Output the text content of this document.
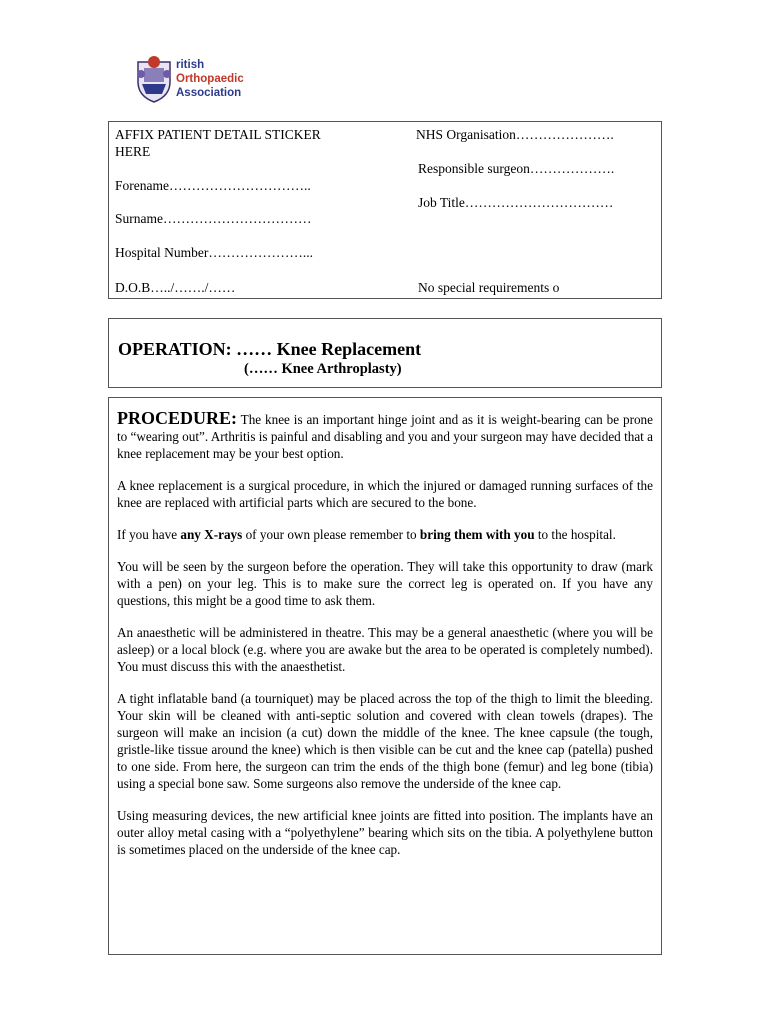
ritish
Orthopaedic
Association
AFFIX PATIENT DETAIL STICKER
HERE
Forename…………………………..
Surname……………………………
Hospital Number…………………...
D.O.B…../……./……
NHS Organisation………………….
Responsible surgeon……………….
Job Title……………………………
No special requirements o
OPERATION: …… Knee Replacement
(…… Knee Arthroplasty)

PROCEDURE: The knee is an important hinge joint and as it is weight-bearing can be prone to “wearing out”. Arthritis is painful and disabling and you and your surgeon may have decided that a knee replacement may be your best option.

A knee replacement is a surgical procedure, in which the injured or damaged running surfaces of the knee are replaced with artificial parts which are secured to the bone.

If you have any X-rays of your own please remember to bring them with you to the hospital.

You will be seen by the surgeon before the operation. They will take this opportunity to draw (mark with a pen) on your leg. This is to make sure the correct leg is operated on. If you have any questions, this might be a good time to ask them.

An anaesthetic will be administered in theatre. This may be a general anaesthetic (where you will be asleep) or a local block (e.g. where you are awake but the area to be operated is completely numbed). You must discuss this with the anaesthetist.

A tight inflatable band (a tourniquet) may be placed across the top of the thigh to limit the bleeding. Your skin will be cleaned with anti-septic solution and covered with clean towels (drapes). The surgeon will make an incision (a cut) down the middle of the knee. The knee capsule (the tough, gristle-like tissue around the knee) which is then visible can be cut and the knee cap (patella) pushed to one side. From here, the surgeon can trim the ends of the thigh bone (femur) and leg bone (tibia) using a special bone saw. Some surgeons also remove the underside of the knee cap.

Using measuring devices, the new artificial knee joints are fitted into position. The implants have an outer alloy metal casing with a “polyethylene” bearing which sits on the tibia. A polyethylene button is sometimes placed on the underside of the knee cap.
